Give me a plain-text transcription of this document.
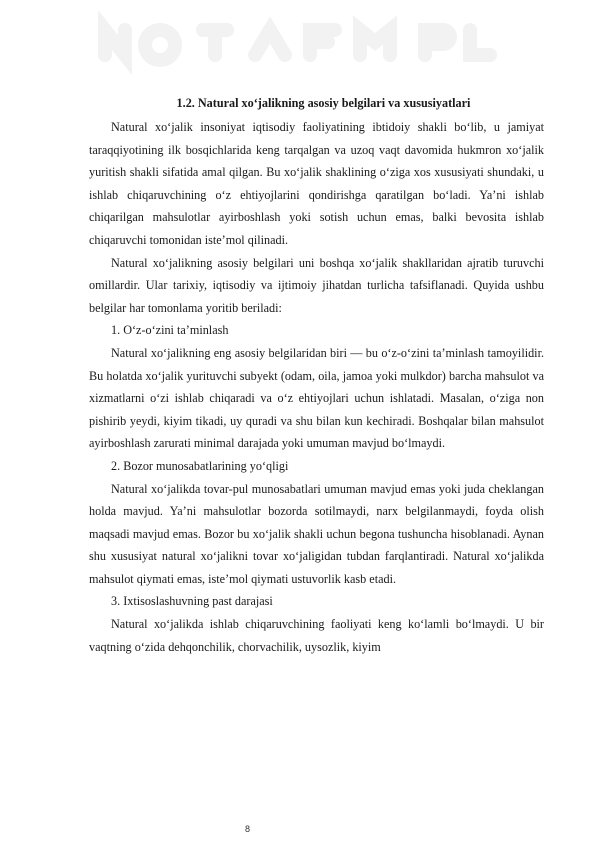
1.2. Natural xo‘jalikning asosiy belgilari va xususiyatlari

Natural xo‘jalik insoniyat iqtisodiy faoliyatining ibtidoiy shakli bo‘lib, u jamiyat taraqqiyotining ilk bosqichlarida keng tarqalgan va uzoq vaqt davomida hukmron xo‘jalik yuritish shakli sifatida amal qilgan. Bu xo‘jalik shaklining o‘ziga xos xususiyati shundaki, u ishlab chiqaruvchining o‘z ehtiyojlarini qondirishga qaratilgan bo‘ladi. Ya’ni ishlab chiqarilgan mahsulotlar ayirboshlash yoki sotish uchun emas, balki bevosita ishlab chiqaruvchi tomonidan iste’mol qilinadi.

Natural xo‘jalikning asosiy belgilari uni boshqa xo‘jalik shakllaridan ajratib turuvchi omillardir. Ular tarixiy, iqtisodiy va ijtimoiy jihatdan turlicha tafsiflanadi. Quyida ushbu belgilar har tomonlama yoritib beriladi:

1. O‘z-o‘zini ta’minlash

Natural xo‘jalikning eng asosiy belgilaridan biri — bu o‘z-o‘zini ta’minlash tamoyilidir. Bu holatda xo‘jalik yurituvchi subyekt (odam, oila, jamoa yoki mulkdor) barcha mahsulot va xizmatlarni o‘zi ishlab chiqaradi va o‘z ehtiyojlari uchun ishlatadi. Masalan, o‘ziga non pishirib yeydi, kiyim tikadi, uy quradi va shu bilan kun kechiradi. Boshqalar bilan mahsulot ayirboshlash zarurati minimal darajada yoki umuman mavjud bo‘lmaydi.

2. Bozor munosabatlarining yo‘qligi

Natural xo‘jalikda tovar-pul munosabatlari umuman mavjud emas yoki juda cheklangan holda mavjud. Ya’ni mahsulotlar bozorda sotilmaydi, narx belgilanmaydi, foyda olish maqsadi mavjud emas. Bozor bu xo‘jalik shakli uchun begona tushuncha hisoblanadi. Aynan shu xususiyat natural xo‘jalikni tovar xo‘jaligidan tubdan farqlantiradi. Natural xo‘jalikda mahsulot qiymati emas, iste’mol qiymati ustuvorlik kasb etadi.

3. Ixtisoslashuvning past darajasi

Natural xo‘jalikda ishlab chiqaruvchining faoliyati keng ko‘lamli bo‘lmaydi. U bir vaqtning o‘zida dehqonchilik, chorvachilik, uysozlik, kiyim

8
